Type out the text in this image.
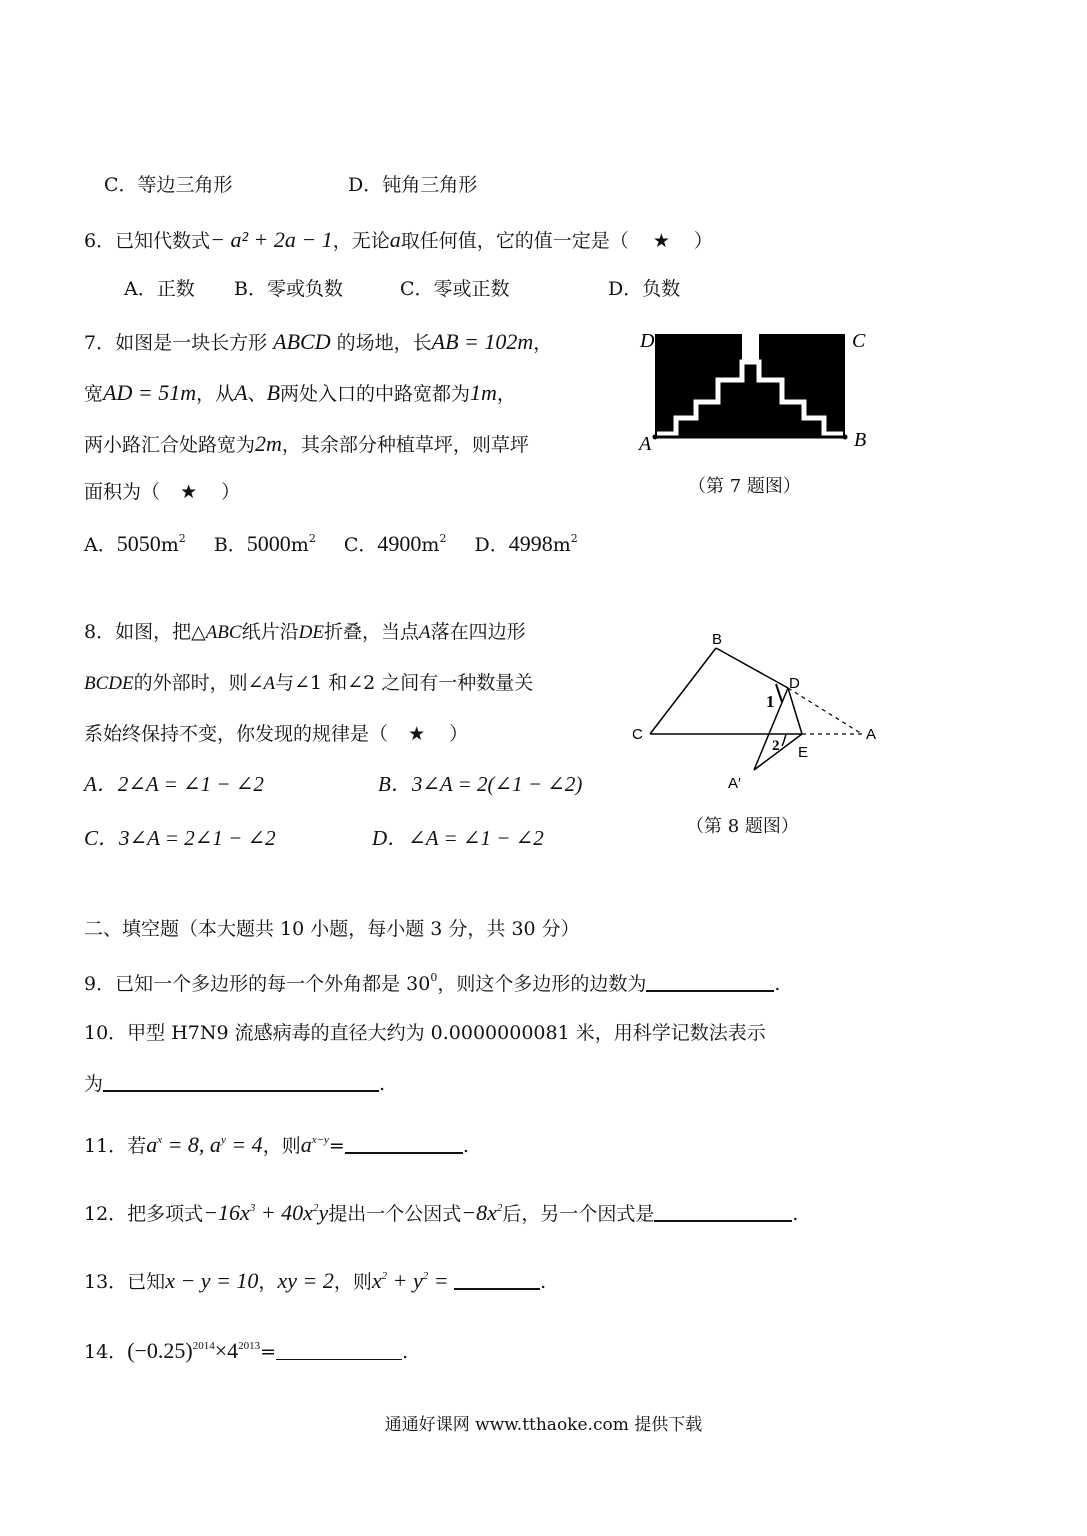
C．等边三角形	D．钝角三角形
6．已知代数式− a² + 2a − 1，无论a取任何值，它的值一定是（ ★ ）
A．正数 B．零或负数	C．零或正数	D．负数
7．如图是一块长方形 ABCD 的场地，长AB = 102m，
宽AD = 51m，从A、B两处入口的中路宽都为1m，
两小路汇合处路宽为2m，其余部分种植草坪，则草坪
面积为（ ★ ）
A．$5050m^2$ B．$5000m^2$ C．$4900m^2$ D．$4998m^2$
D	C
A	B
（第 7 题图）
8．如图，把△ABC纸片沿DE折叠，当点A落在四边形
BCDE的外部时，则∠A与∠1 和∠2 之间有一种数量关
系始终保持不变，你发现的规律是（ ★ ）
A．2∠A = ∠1 − ∠2	B．3∠A = 2(∠1 − ∠2)
C．3∠A = 2∠1 − ∠2	D．∠A = ∠1 − ∠2
B
D
C	A
E
A′
1
2
（第 8 题图）
二、填空题（本大题共 10 小题，每小题 3 分，共 30 分）
9．已知一个多边形的每一个外角都是 $30^0$，则这个多边形的边数为	.
10．甲型 H7N9 流感病毒的直径大约为 0.0000000081 米，用科学记数法表示
为	.
11．若$a^x = 8$, $a^y = 4$，则$a^{x-y}=$	.
12．把多项式$-16x^3 + 40x^2y$提出一个公因式$-8x^2$后，另一个因式是	.
13．已知x − y = 10，xy = 2，则$x^2 + y^2$ =	.
14．$(-0.25)^{2014}\times 4^{2013}=$	.
通通好课网 www.tthaoke.com 提供下载
